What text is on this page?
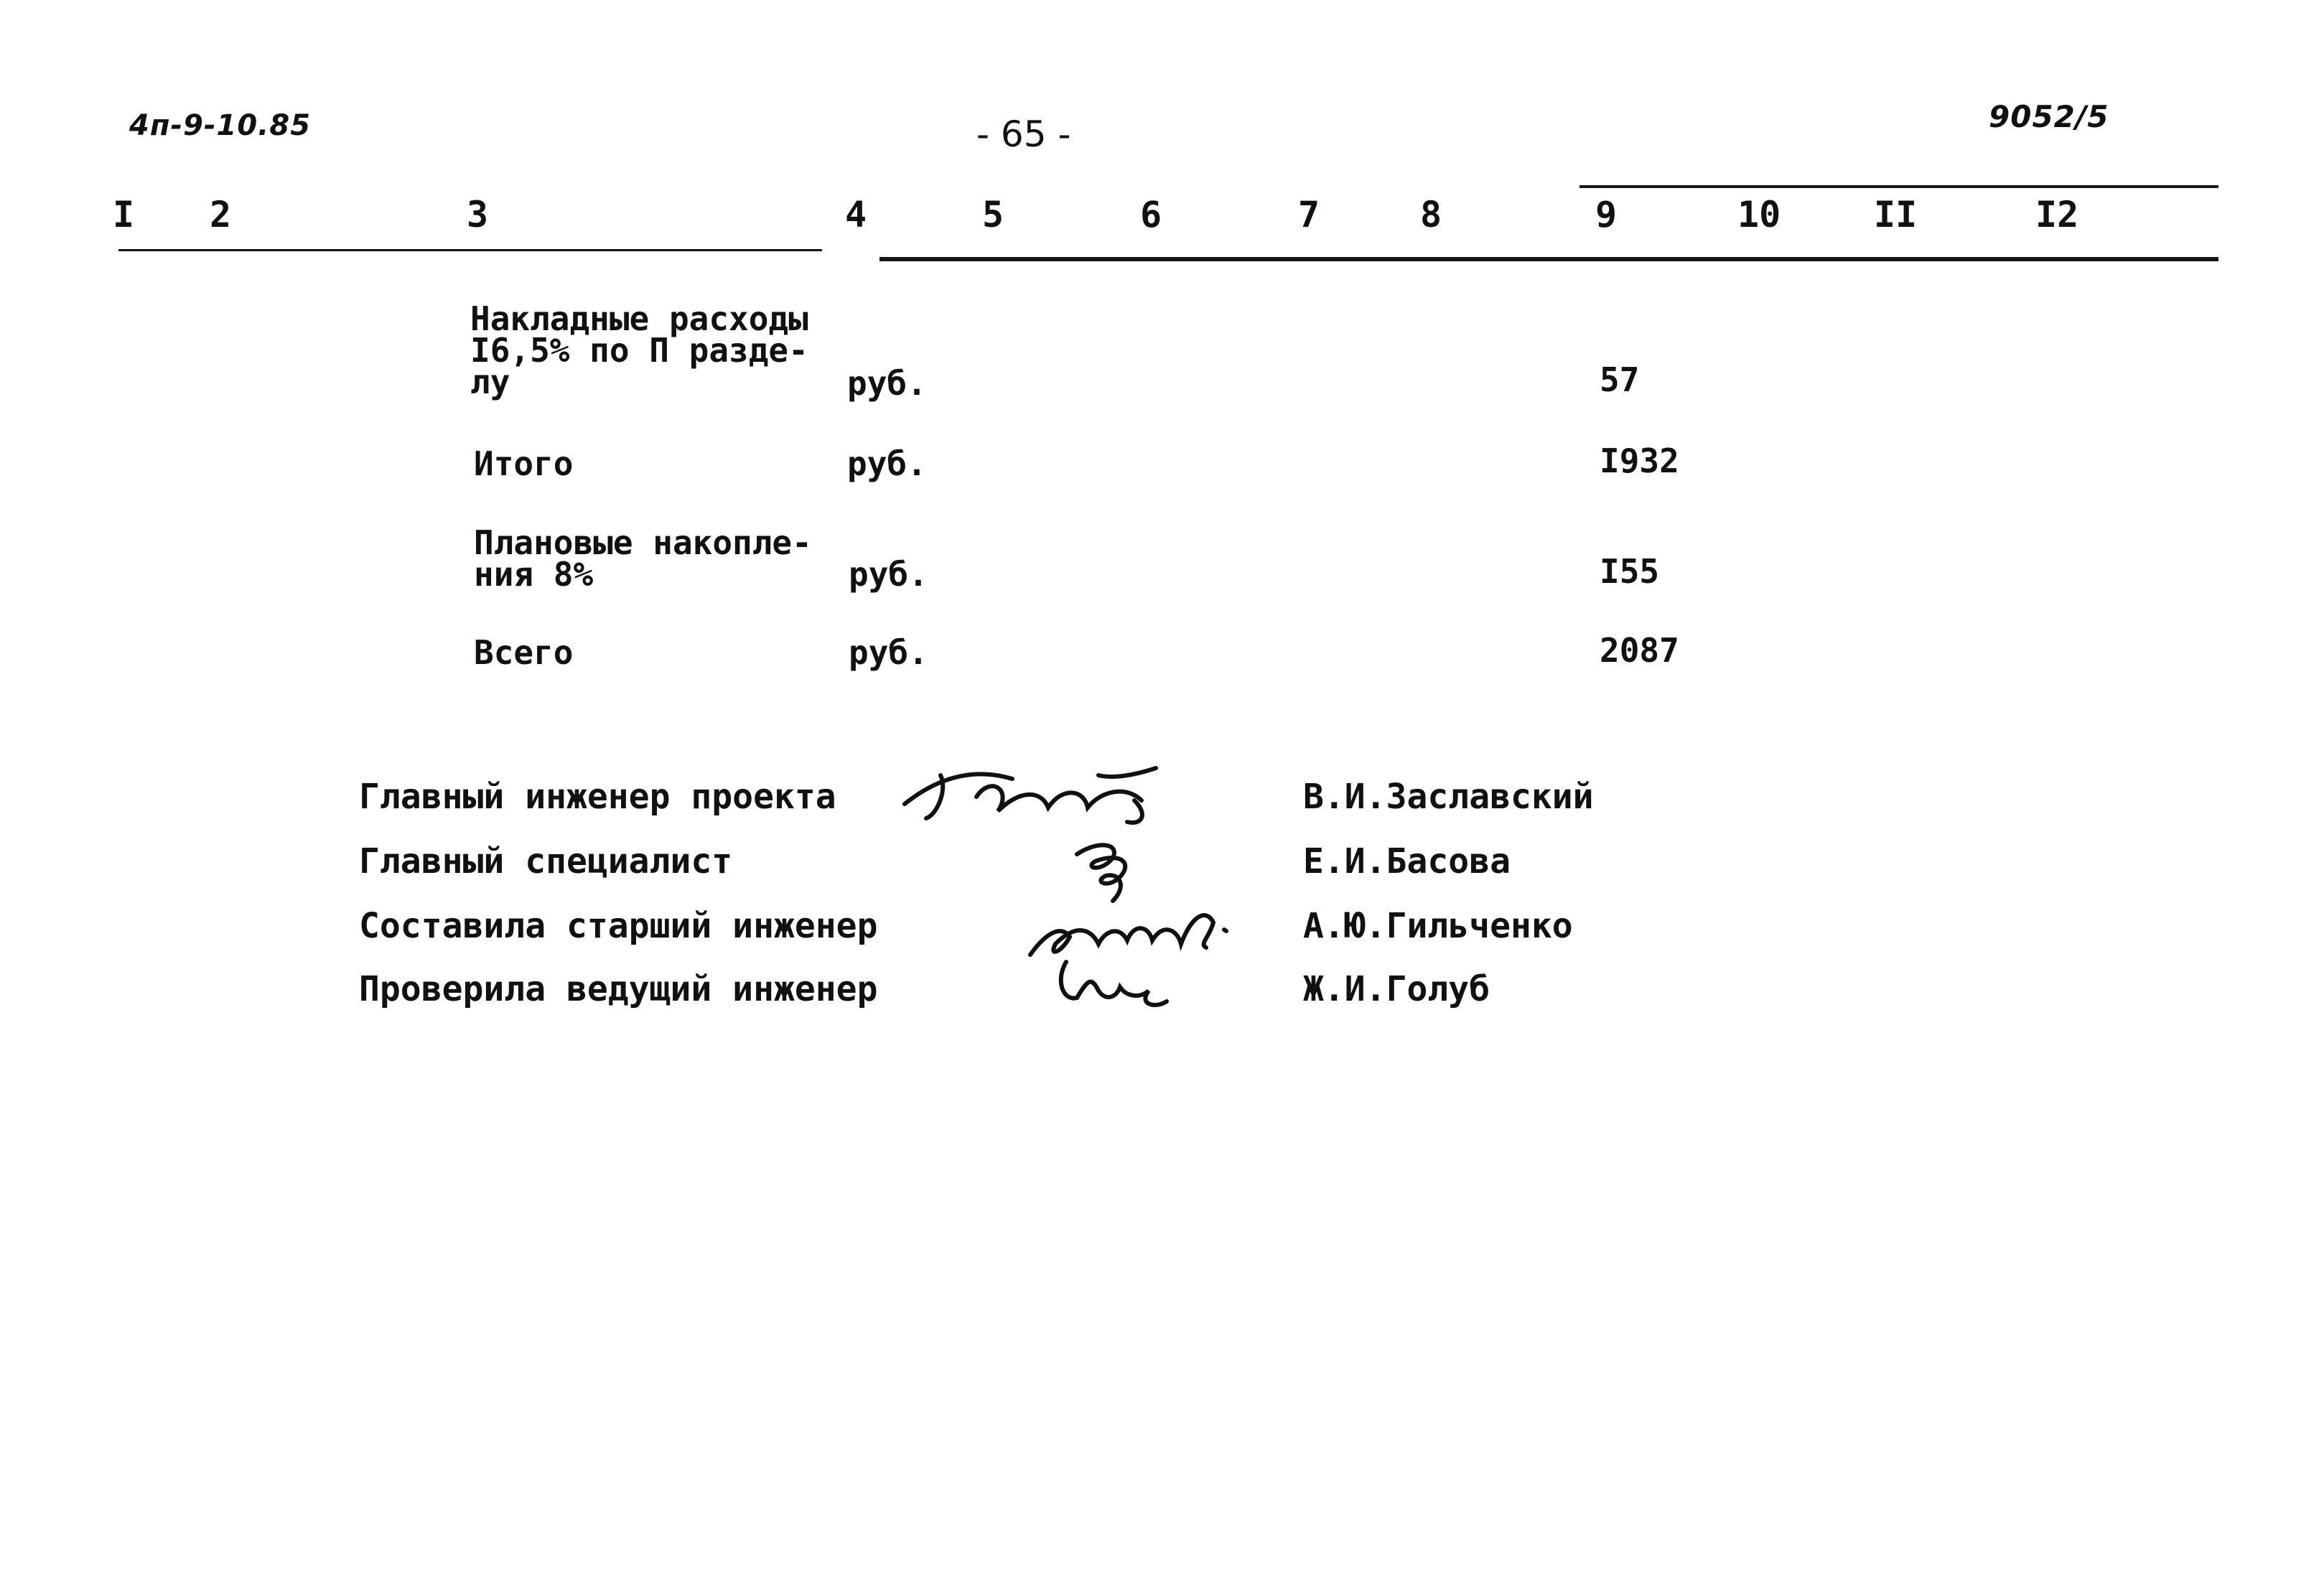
4п-9-10.85	- 65 -	9052/5
I 2	3	4	5	6	7	8	9	10	II	I2
Накладные расходы
I6,5% по П разде-
лу	руб.	57
Итого	руб.	I932
Плановые накопле-
ния 8%	руб.	I55
Всего	руб.	2087
Главный инженер проекта	В.И.Заславский
Главный специалист	Е.И.Басова
Составила старший инженер	А.Ю.Гильченко
Проверила ведущий инженер	Ж.И.Голуб
